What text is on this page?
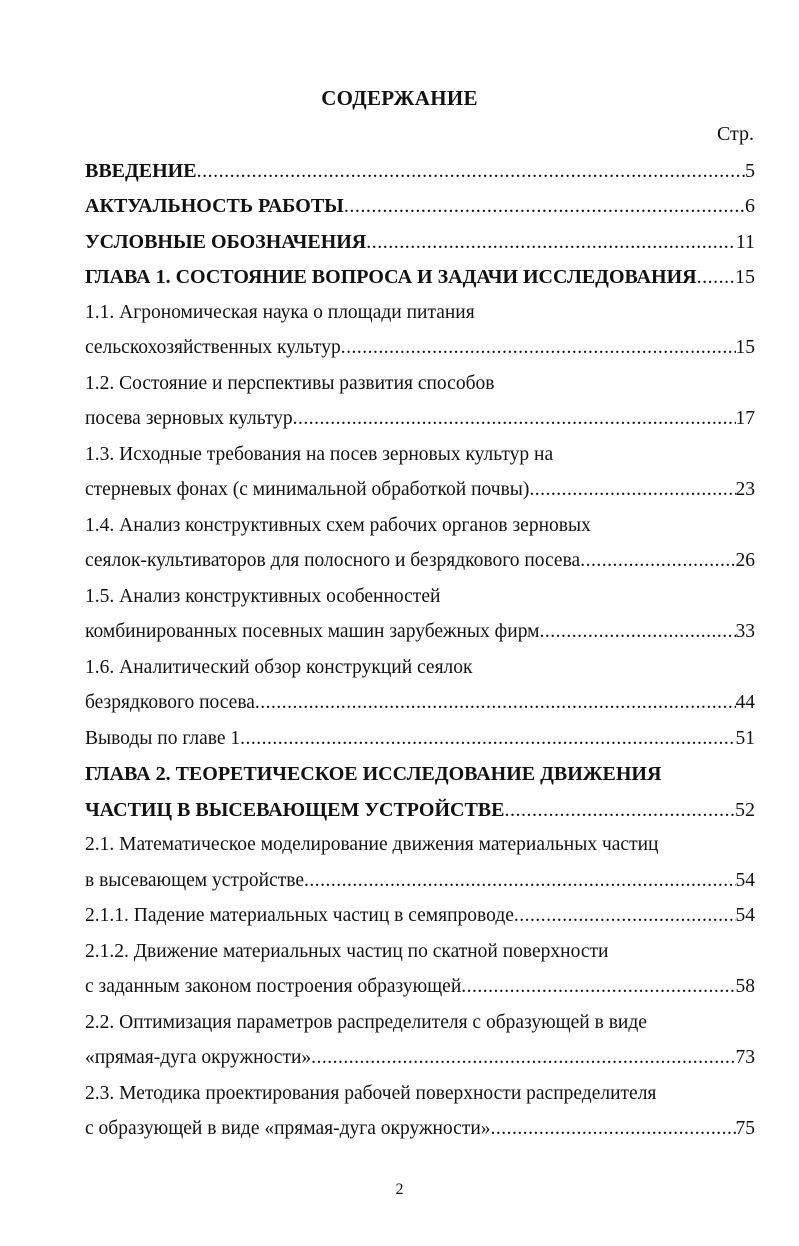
СОДЕРЖАНИЕ
Стр.
ВВЕДЕНИЕ .....	5
АКТУАЛЬНОСТЬ РАБОТЫ .....	6
УСЛОВНЫЕ ОБОЗНАЧЕНИЯ .....	11
ГЛАВА 1. СОСТОЯНИЕ ВОПРОСА И ЗАДАЧИ ИССЛЕДОВАНИЯ ..... 15
1.1. Агрономическая наука о площади питания
сельскохозяйственных культур .....	15
1.2. Состояние и перспективы развития способов
посева зерновых культур .....	17
1.3. Исходные требования на посев зерновых культур на
стерневых фонах (с минимальной обработкой почвы) .....	23
1.4. Анализ конструктивных схем рабочих органов зерновых
сеялок-культиваторов для полосного и безрядкового посева .....	26
1.5. Анализ конструктивных особенностей
комбинированных посевных машин зарубежных фирм .....	33
1.6. Аналитический обзор конструкций сеялок
безрядкового посева .....	44
Выводы по главе 1 .....	51
ГЛАВА 2. ТЕОРЕТИЧЕСКОЕ ИССЛЕДОВАНИЕ ДВИЖЕНИЯ
ЧАСТИЦ В ВЫСЕВАЮЩЕМ УСТРОЙСТВЕ .....	52
2.1. Математическое моделирование движения материальных частиц
в высевающем устройстве .....	54
2.1.1. Падение материальных частиц в семяпроводе .....	54
2.1.2. Движение материальных частиц по скатной поверхности
с заданным законом построения образующей .....	58
2.2. Оптимизация параметров распределителя с образующей в виде
«прямая-дуга окружности» .....	73
2.3. Методика проектирования рабочей поверхности распределителя
с образующей в виде «прямая-дуга окружности» .....	75
2
